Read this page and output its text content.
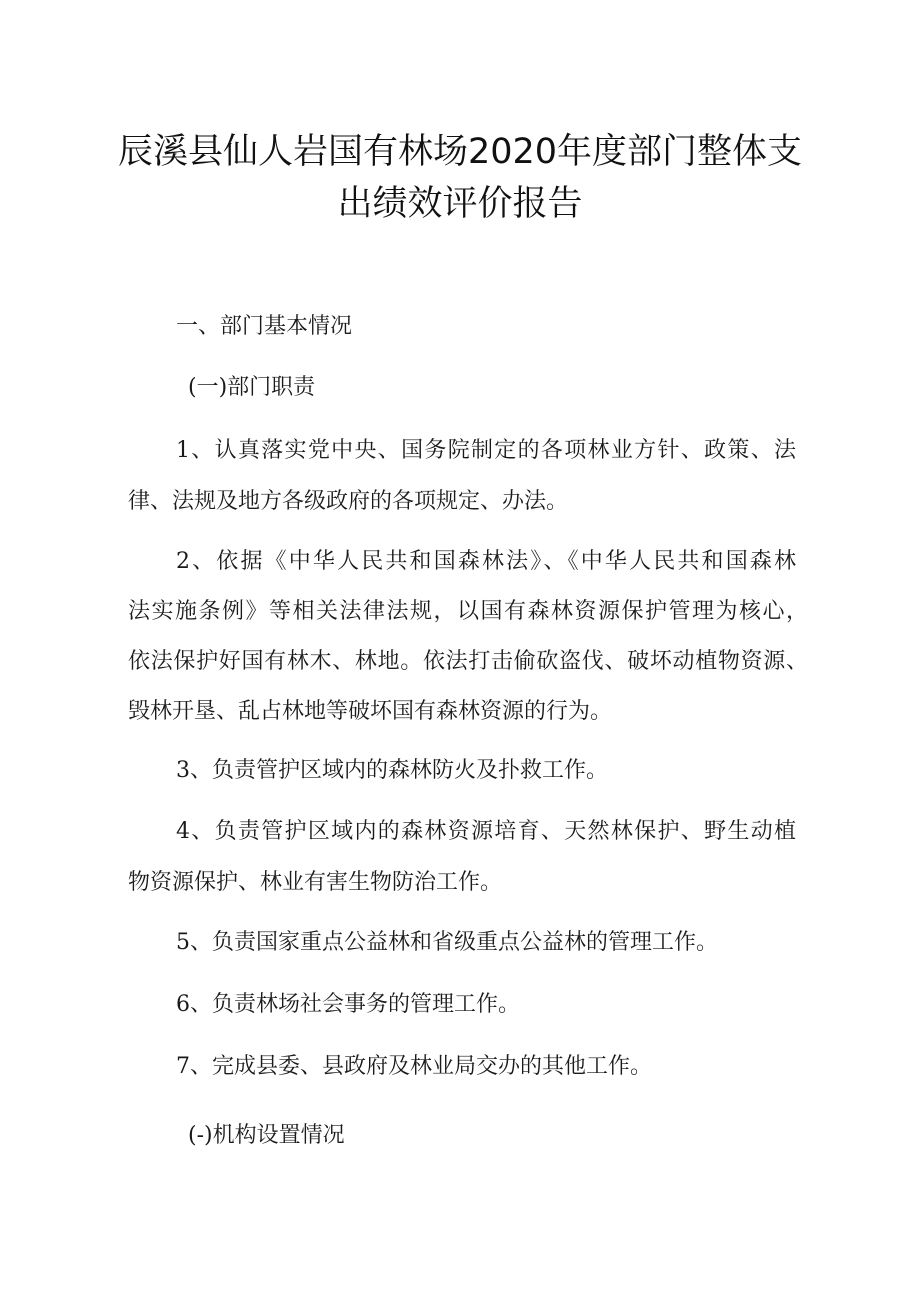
辰溪县仙人岩国有林场2020年度部门整体支
出绩效评价报告
一、部门基本情况
(一)部门职责
1、认真落实党中央、国务院制定的各项林业方针、政策、法
律、法规及地方各级政府的各项规定、办法。
2、依据《中华人民共和国森林法》、《中华人民共和国森林
法实施条例》等相关法律法规，以国有森林资源保护管理为核心，
依法保护好国有林木、林地。依法打击偷砍盗伐、破坏动植物资源、
毁林开垦、乱占林地等破坏国有森林资源的行为。
3、负责管护区域内的森林防火及扑救工作。
4、负责管护区域内的森林资源培育、天然林保护、野生动植
物资源保护、林业有害生物防治工作。
5、负责国家重点公益林和省级重点公益林的管理工作。
6、负责林场社会事务的管理工作。
7、完成县委、县政府及林业局交办的其他工作。
(-)机构设置情况
